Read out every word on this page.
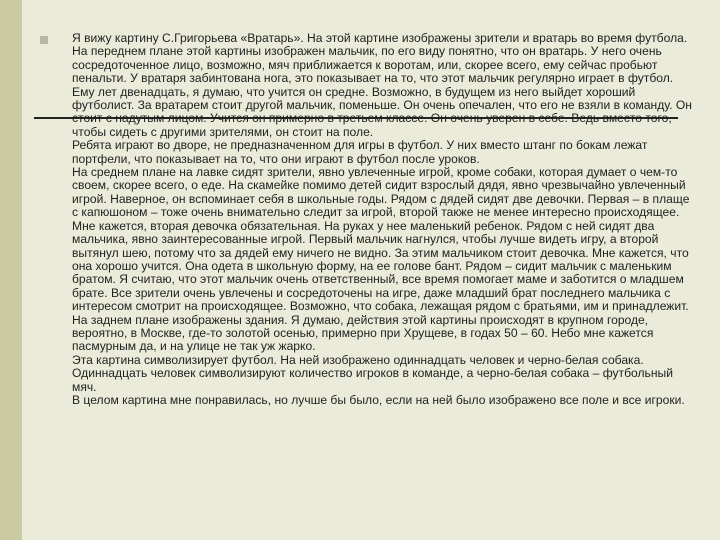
Я вижу картину С.Григорьева «Вратарь». На этой картине изображены зрители и вратарь во время футбола.

На переднем плане этой картины изображен мальчик, по его виду понятно, что он вратарь. У него очень сосредоточенное лицо, возможно, мяч приближается к воротам, или, скорее всего, ему сейчас пробьют пенальти. У вратаря забинтована нога, это показывает на то, что этот мальчик регулярно играет в футбол. Ему лет двенадцать, я думаю, что учится он средне. Возможно, в будущем из него выйдет хороший футболист. За вратарем стоит другой мальчик, поменьше. Он очень опечален, что его не взяли в команду. Он стоит с надутым лицом. Учится он примерно в третьем классе. Он очень уверен в себе. Ведь вместо того, чтобы сидеть с другими зрителями, он стоит на поле.

Ребята играют во дворе, не предназначенном для игры в футбол. У них вместо штанг по бокам лежат портфели, что показывает на то, что они играют в футбол после уроков.

На среднем плане на лавке сидят зрители, явно увлеченные игрой, кроме собаки, которая думает о чем-то своем, скорее всего, о еде. На скамейке помимо детей сидит взрослый дядя, явно чрезвычайно увлеченный игрой. Наверное, он вспоминает себя в школьные годы. Рядом с дядей сидят две девочки. Первая – в плаще с капюшоном – тоже очень внимательно следит за игрой, второй также не менее интересно происходящее. Мне кажется, вторая девочка обязательная. На руках у нее маленький ребенок. Рядом с ней сидят два мальчика, явно заинтересованные игрой. Первый мальчик нагнулся, чтобы лучше видеть игру, а второй вытянул шею, потому что за дядей ему ничего не видно. За этим мальчиком стоит девочка. Мне кажется, что она хорошо учится. Она одета в школьную форму, на ее голове бант. Рядом – сидит мальчик с маленьким братом. Я считаю, что этот мальчик очень ответственный, все время помогает маме и заботится о младшем брате. Все зрители очень увлечены и сосредоточены на игре, даже младший брат последнего мальчика с интересом смотрит на происходящее. Возможно, что собака, лежащая рядом с братьями, им и принадлежит.

На заднем плане изображены здания. Я думаю, действия этой картины происходят в крупном городе, вероятно, в Москве, где-то золотой осенью, примерно при Хрущеве, в годах 50 – 60. Небо мне кажется пасмурным да, и на улице не так уж жарко.

Эта картина символизирует футбол. На ней изображено одиннадцать человек и черно-белая собака. Одиннадцать человек символизируют количество игроков в команде, а черно-белая собака – футбольный мяч.

В целом картина мне понравилась, но лучше бы было, если на ней было изображено все поле и все игроки.
